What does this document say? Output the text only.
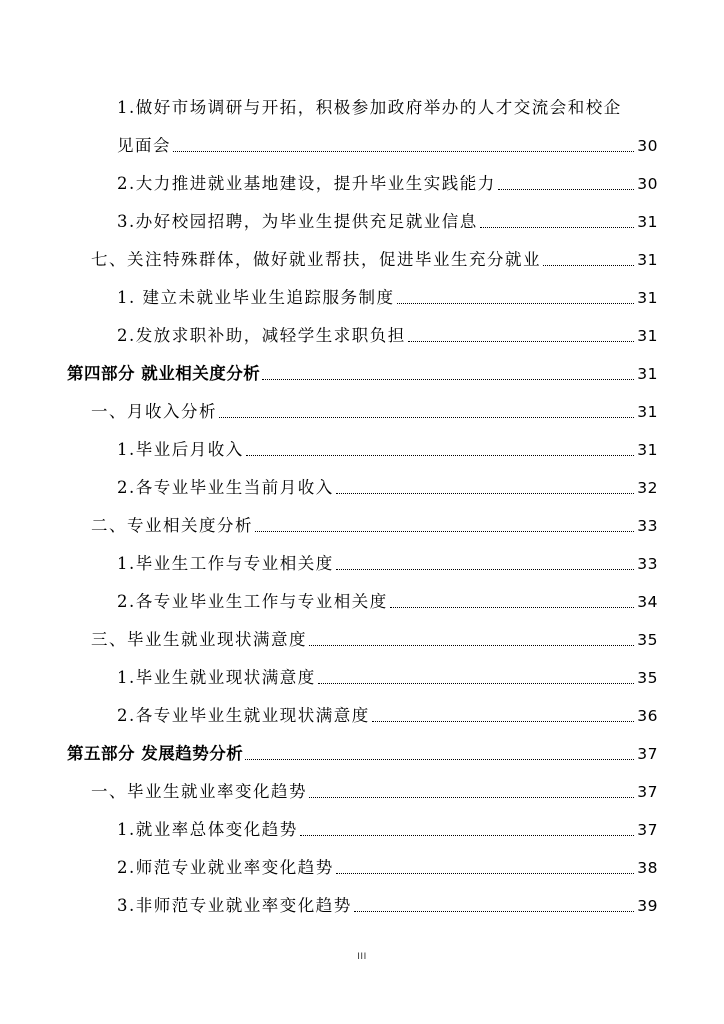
1.做好市场调研与开拓，积极参加政府举办的人才交流会和校企
见面会	30
2.大力推进就业基地建设，提升毕业生实践能力	30
3.办好校园招聘，为毕业生提供充足就业信息	31
七、关注特殊群体，做好就业帮扶，促进毕业生充分就业	31
1. 建立未就业毕业生追踪服务制度	31
2.发放求职补助，减轻学生求职负担	31
第四部分 就业相关度分析	31
一、月收入分析	31
1.毕业后月收入	31
2.各专业毕业生当前月收入	32
二、专业相关度分析	33
1.毕业生工作与专业相关度	33
2.各专业毕业生工作与专业相关度	34
三、毕业生就业现状满意度	35
1.毕业生就业现状满意度	35
2.各专业毕业生就业现状满意度	36
第五部分 发展趋势分析	37
一、毕业生就业率变化趋势	37
1.就业率总体变化趋势	37
2.师范专业就业率变化趋势	38
3.非师范专业就业率变化趋势	39
III
